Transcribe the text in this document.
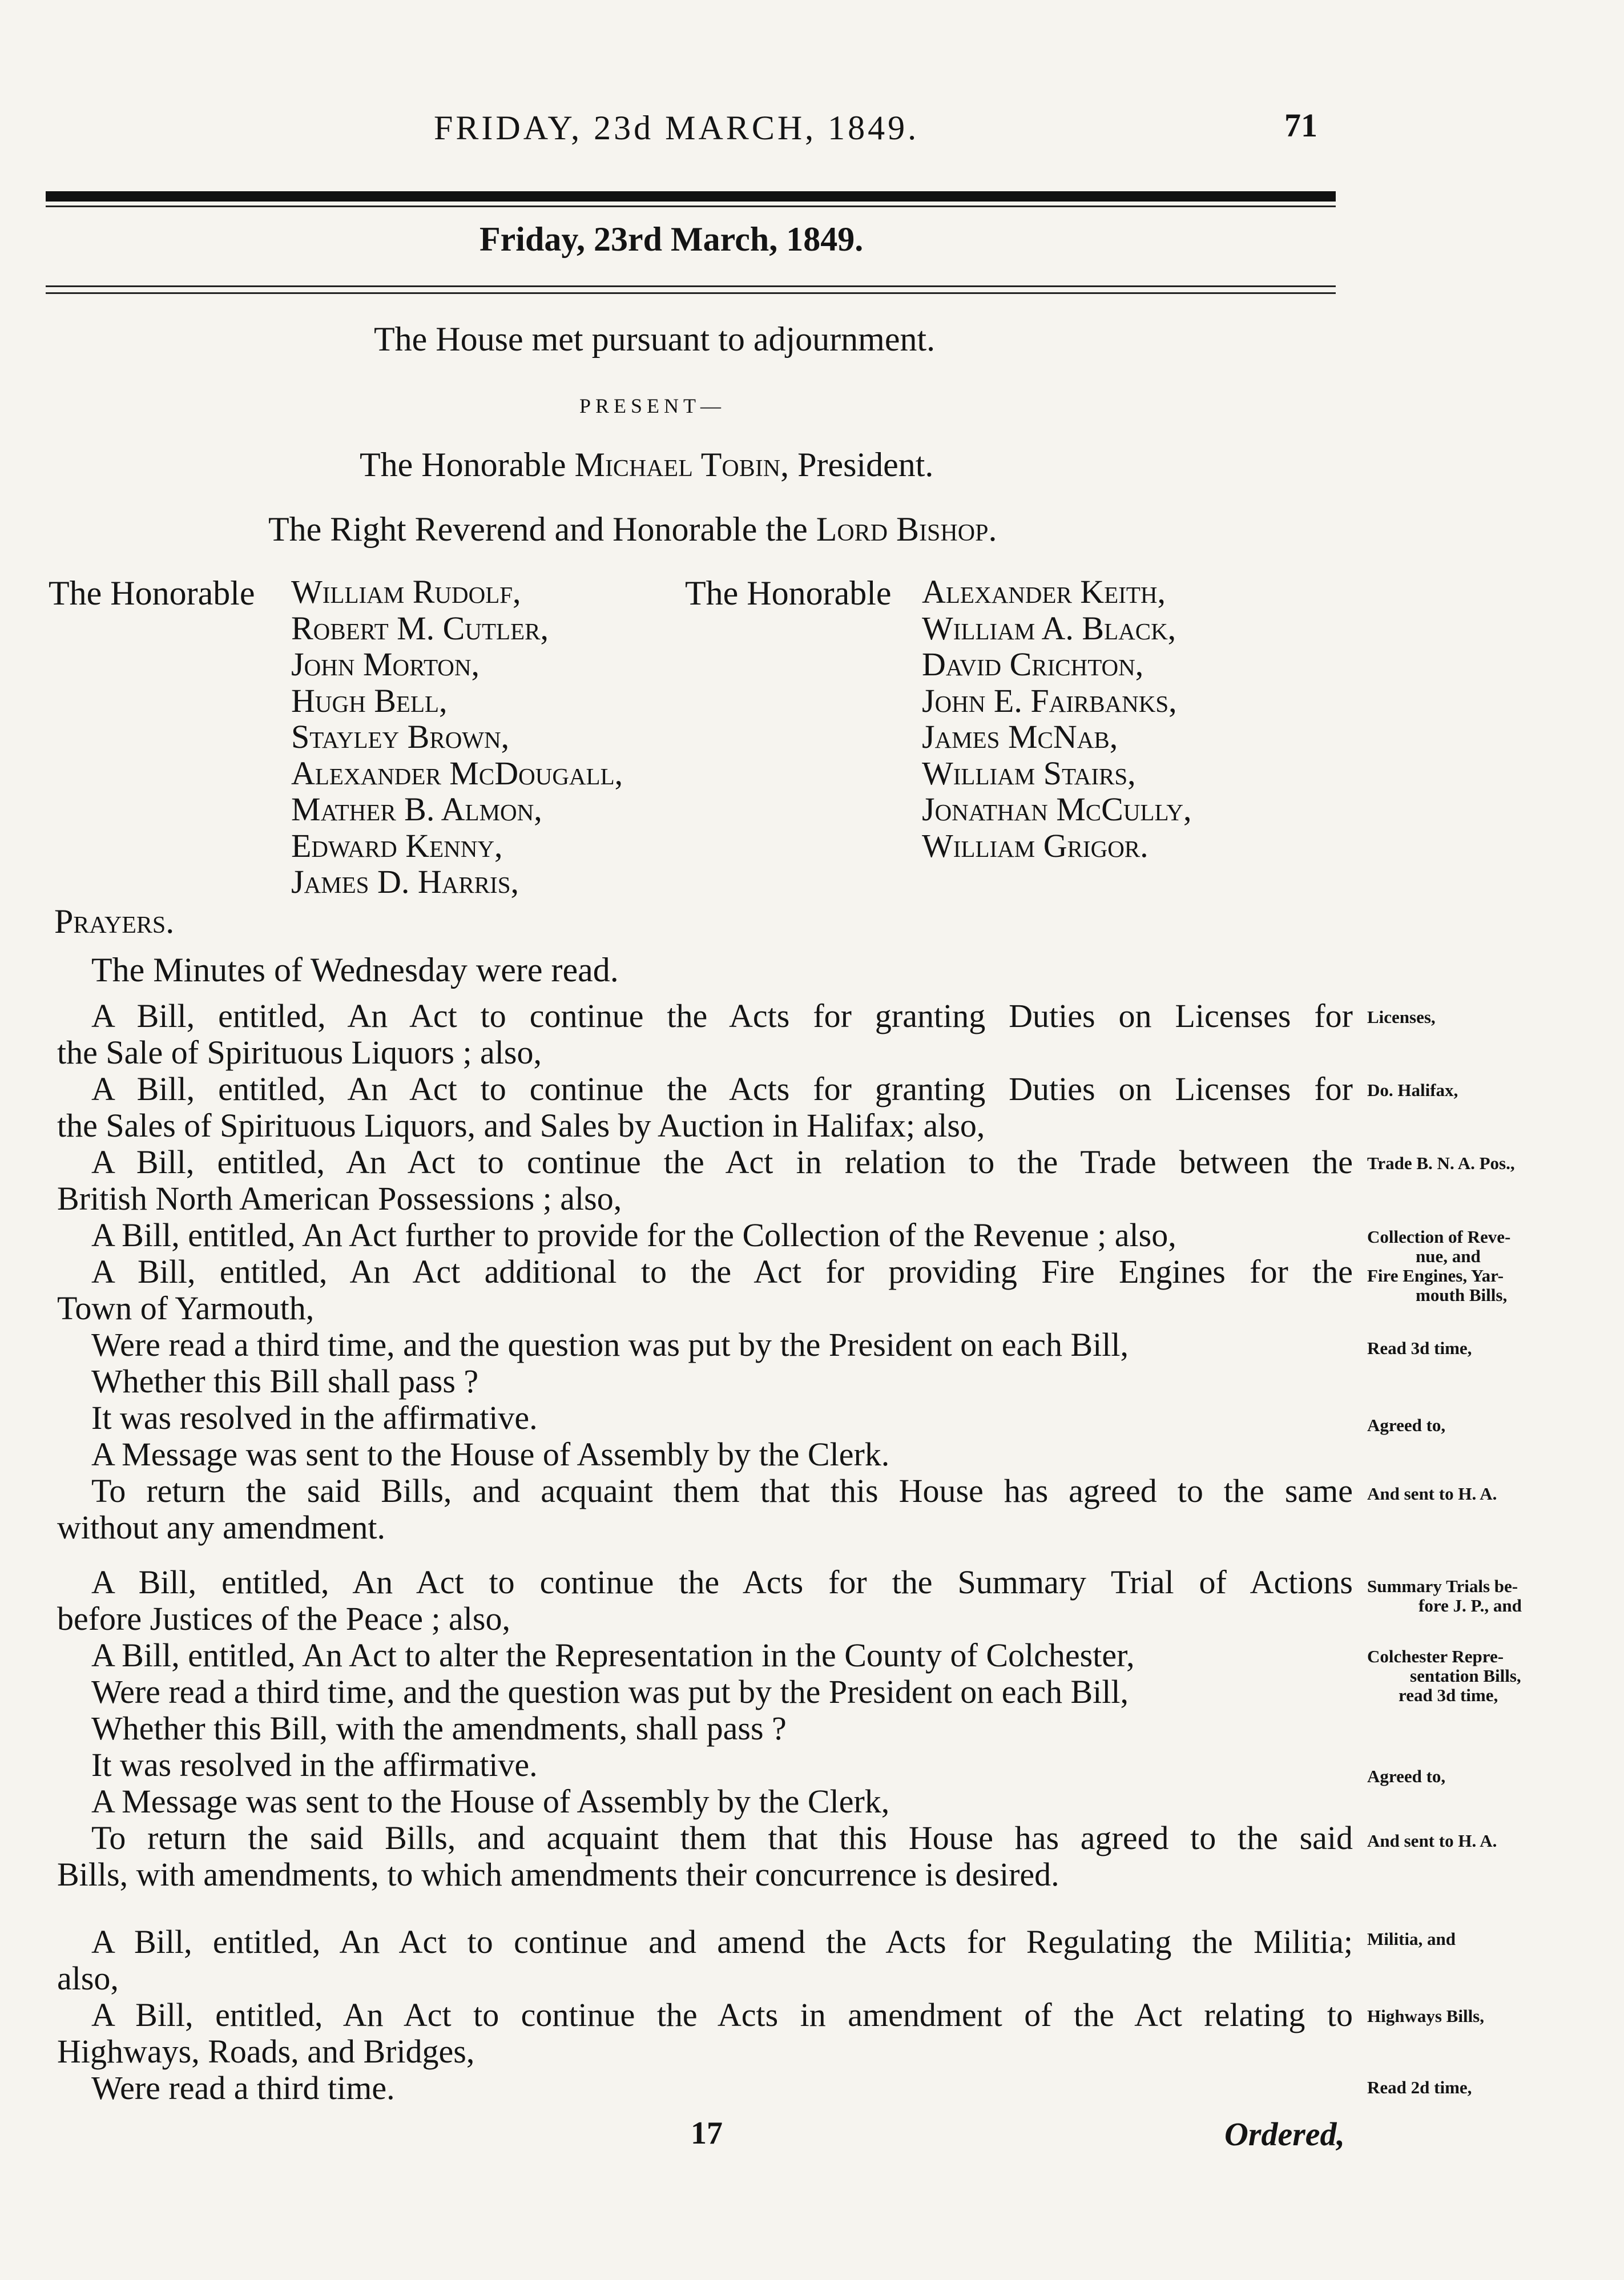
FRIDAY, 23d MARCH, 1849.	71
Friday, 23rd March, 1849.
The House met pursuant to adjournment.
PRESENT—
The Honorable Michael Tobin, President.
The Right Reverend and Honorable the Lord Bishop.
The Honorable	The Honorable
William Rudolf,
Robert M. Cutler,
John Morton,
Hugh Bell,
Stayley Brown,
Alexander McDougall,
Mather B. Almon,
Edward Kenny,
James D. Harris,
Alexander Keith,
William A. Black,
David Crichton,
John E. Fairbanks,
James McNab,
William Stairs,
Jonathan McCully,
William Grigor.
Prayers.
The Minutes of Wednesday were read.
A Bill, entitled, An Act to continue the Acts for granting Duties on Licenses for
the Sale of Spirituous Liquors ; also,
A Bill, entitled, An Act to continue the Acts for granting Duties on Licenses for
the Sales of Spirituous Liquors, and Sales by Auction in Halifax; also,
A Bill, entitled, An Act to continue the Act in relation to the Trade between the
British North American Possessions ; also,
A Bill, entitled, An Act further to provide for the Collection of the Revenue ; also,
A Bill, entitled, An Act additional to the Act for providing Fire Engines for the
Town of Yarmouth,
Were read a third time, and the question was put by the President on each Bill,
Whether this Bill shall pass ?
It was resolved in the affirmative.
A Message was sent to the House of Assembly by the Clerk.
To return the said Bills, and acquaint them that this House has agreed to the same
without any amendment.
A Bill, entitled, An Act to continue the Acts for the Summary Trial of Actions
before Justices of the Peace ; also,
A Bill, entitled, An Act to alter the Representation in the County of Colchester,
Were read a third time, and the question was put by the President on each Bill,
Whether this Bill, with the amendments, shall pass ?
It was resolved in the affirmative.
A Message was sent to the House of Assembly by the Clerk,
To return the said Bills, and acquaint them that this House has agreed to the said
Bills, with amendments, to which amendments their concurrence is desired.
A Bill, entitled, An Act to continue and amend the Acts for Regulating the Militia;
also,
A Bill, entitled, An Act to continue the Acts in amendment of the Act relating to
Highways, Roads, and Bridges,
Were read a third time.
Licenses,
Do. Halifax,
Trade B. N. A. Pos.,
Collection of Reve-
nue, and
Fire Engines, Yar-
mouth Bills,
Read 3d time,
Agreed to,
And sent to H. A.
Summary Trials be-
fore J. P., and
Colchester Repre-
sentation Bills,
read 3d time,
Agreed to,
And sent to H. A.
Militia, and
Highways Bills,
Read 2d time,
17	Ordered,
